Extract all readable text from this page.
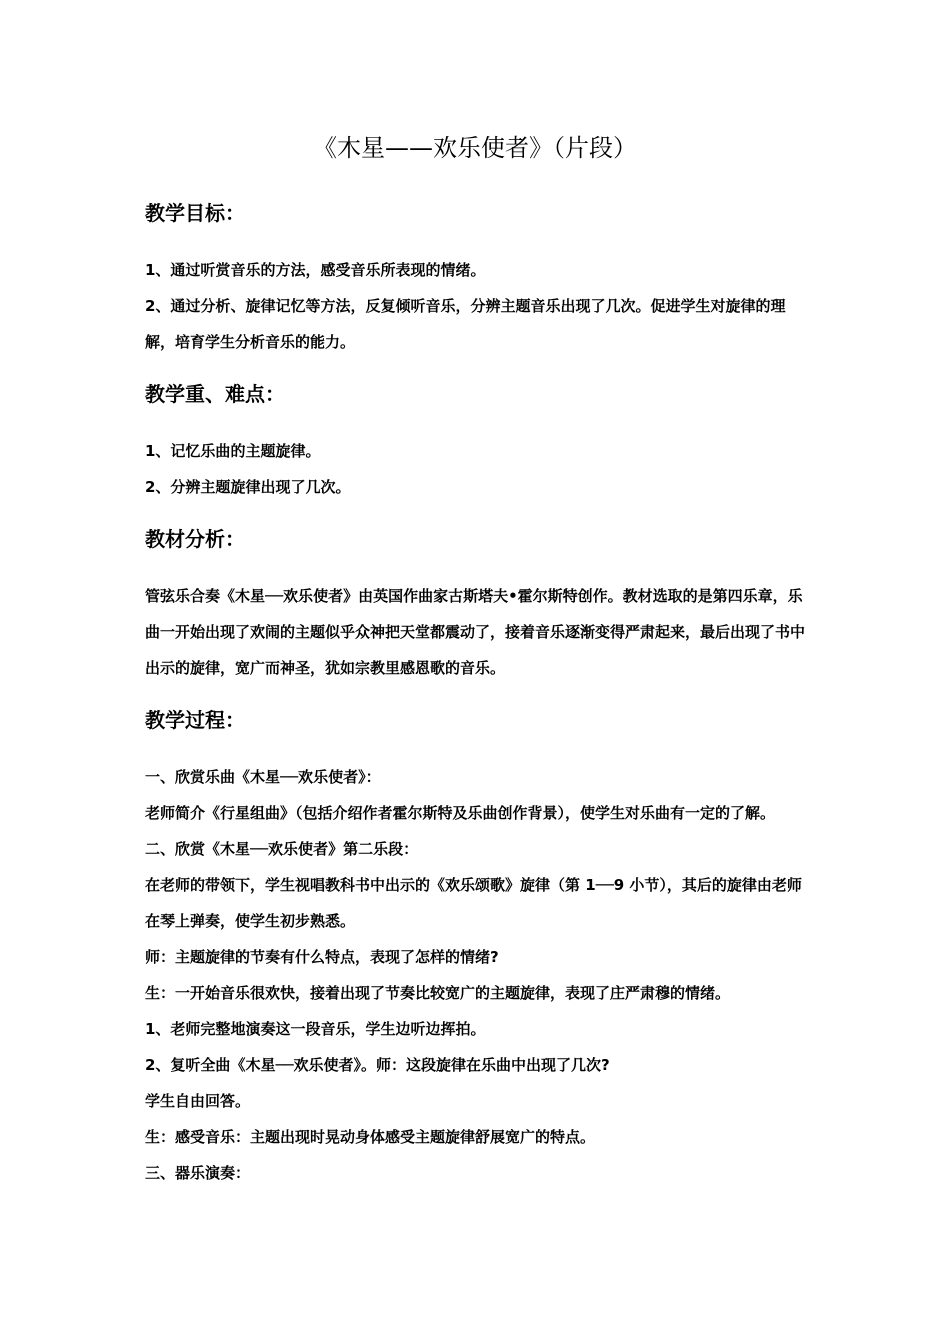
《木星——欢乐使者》（片段）
教学目标：

1、通过听赏音乐的方法，感受音乐所表现的情绪。

2、通过分析、旋律记忆等方法，反复倾听音乐，分辨主题音乐出现了几次。促进学生对旋律的理解，培育学生分析音乐的能力。

教学重、难点：

1、记忆乐曲的主题旋律。

2、分辨主题旋律出现了几次。

教材分析：

管弦乐合奏《木星──欢乐使者》由英国作曲家古斯塔夫•霍尔斯特创作。教材选取的是第四乐章，乐曲一开始出现了欢闹的主题似乎众神把天堂都震动了，接着音乐逐渐变得严肃起来，最后出现了书中出示的旋律，宽广而神圣，犹如宗教里感恩歌的音乐。

教学过程：

一、欣赏乐曲《木星──欢乐使者》：

老师简介《行星组曲》（包括介绍作者霍尔斯特及乐曲创作背景），使学生对乐曲有一定的了解。

二、欣赏《木星──欢乐使者》第二乐段：

在老师的带领下，学生视唱教科书中出示的《欢乐颂歌》旋律（第 1──9 小节），其后的旋律由老师在琴上弹奏，使学生初步熟悉。

师：主题旋律的节奏有什么特点，表现了怎样的情绪?

生：一开始音乐很欢快，接着出现了节奏比较宽广的主题旋律，表现了庄严肃穆的情绪。

1、老师完整地演奏这一段音乐，学生边听边挥拍。

2、复听全曲《木星──欢乐使者》。师：这段旋律在乐曲中出现了几次?

学生自由回答。

生：感受音乐：主题出现时晃动身体感受主题旋律舒展宽广的特点。

三、器乐演奏：
